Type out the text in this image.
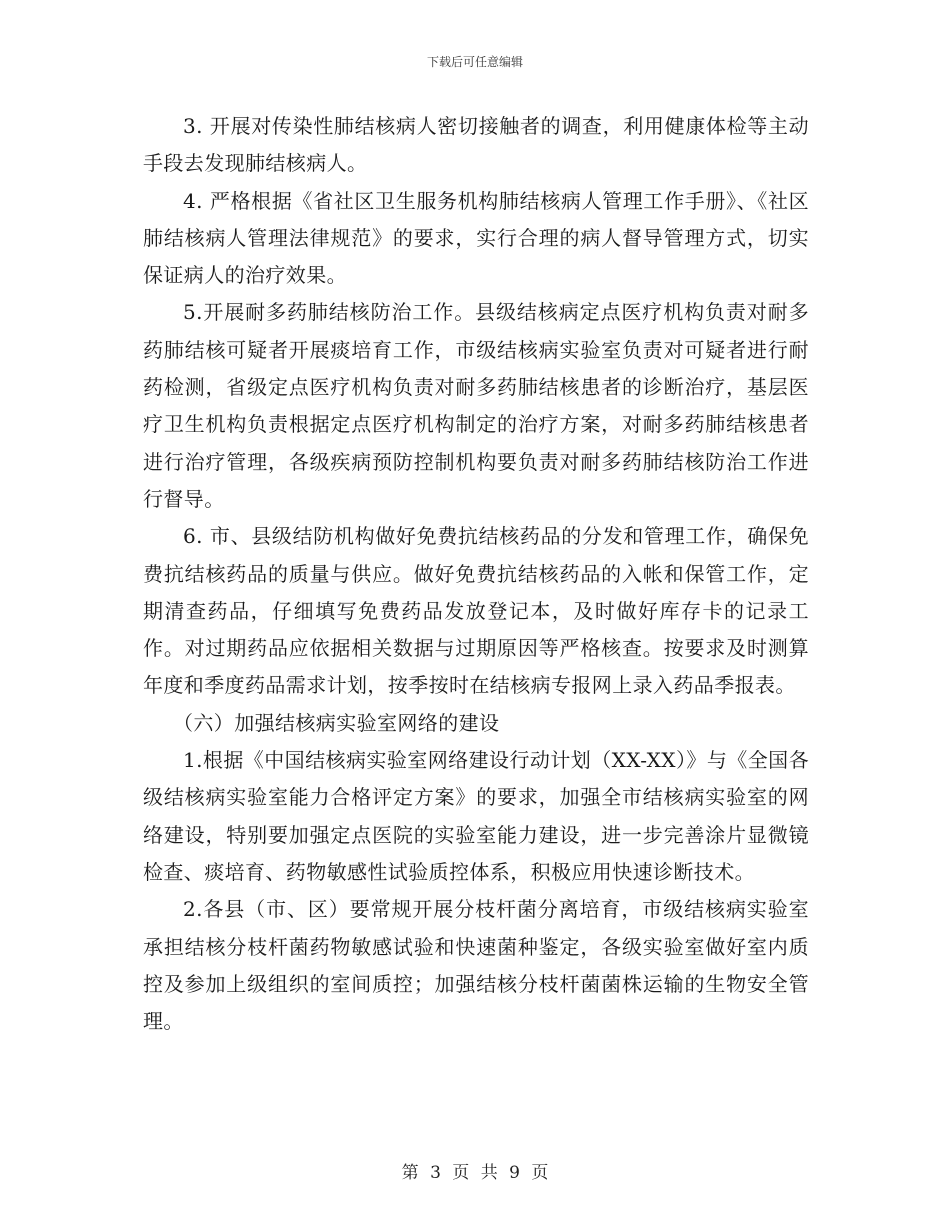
下载后可任意编辑

3. 开展对传染性肺结核病人密切接触者的调查，利用健康体检等主动手段去发现肺结核病人。

4. 严格根据《省社区卫生服务机构肺结核病人管理工作手册》、《社区肺结核病人管理法律规范》的要求，实行合理的病人督导管理方式，切实保证病人的治疗效果。

5.开展耐多药肺结核防治工作。县级结核病定点医疗机构负责对耐多药肺结核可疑者开展痰培育工作，市级结核病实验室负责对可疑者进行耐药检测，省级定点医疗机构负责对耐多药肺结核患者的诊断治疗，基层医疗卫生机构负责根据定点医疗机构制定的治疗方案，对耐多药肺结核患者进行治疗管理，各级疾病预防控制机构要负责对耐多药肺结核防治工作进行督导。

6. 市、县级结防机构做好免费抗结核药品的分发和管理工作，确保免费抗结核药品的质量与供应。做好免费抗结核药品的入帐和保管工作，定期清查药品，仔细填写免费药品发放登记本，及时做好库存卡的记录工作。对过期药品应依据相关数据与过期原因等严格核查。按要求及时测算年度和季度药品需求计划，按季按时在结核病专报网上录入药品季报表。

（六）加强结核病实验室网络的建设

1.根据《中国结核病实验室网络建设行动计划（XX-XX）》与《全国各级结核病实验室能力合格评定方案》的要求，加强全市结核病实验室的网络建设，特别要加强定点医院的实验室能力建设，进一步完善涂片显微镜检查、痰培育、药物敏感性试验质控体系，积极应用快速诊断技术。

2.各县（市、区）要常规开展分枝杆菌分离培育，市级结核病实验室承担结核分枝杆菌药物敏感试验和快速菌种鉴定，各级实验室做好室内质控及参加上级组织的室间质控；加强结核分枝杆菌菌株运输的生物安全管理。

第 3 页 共 9 页
